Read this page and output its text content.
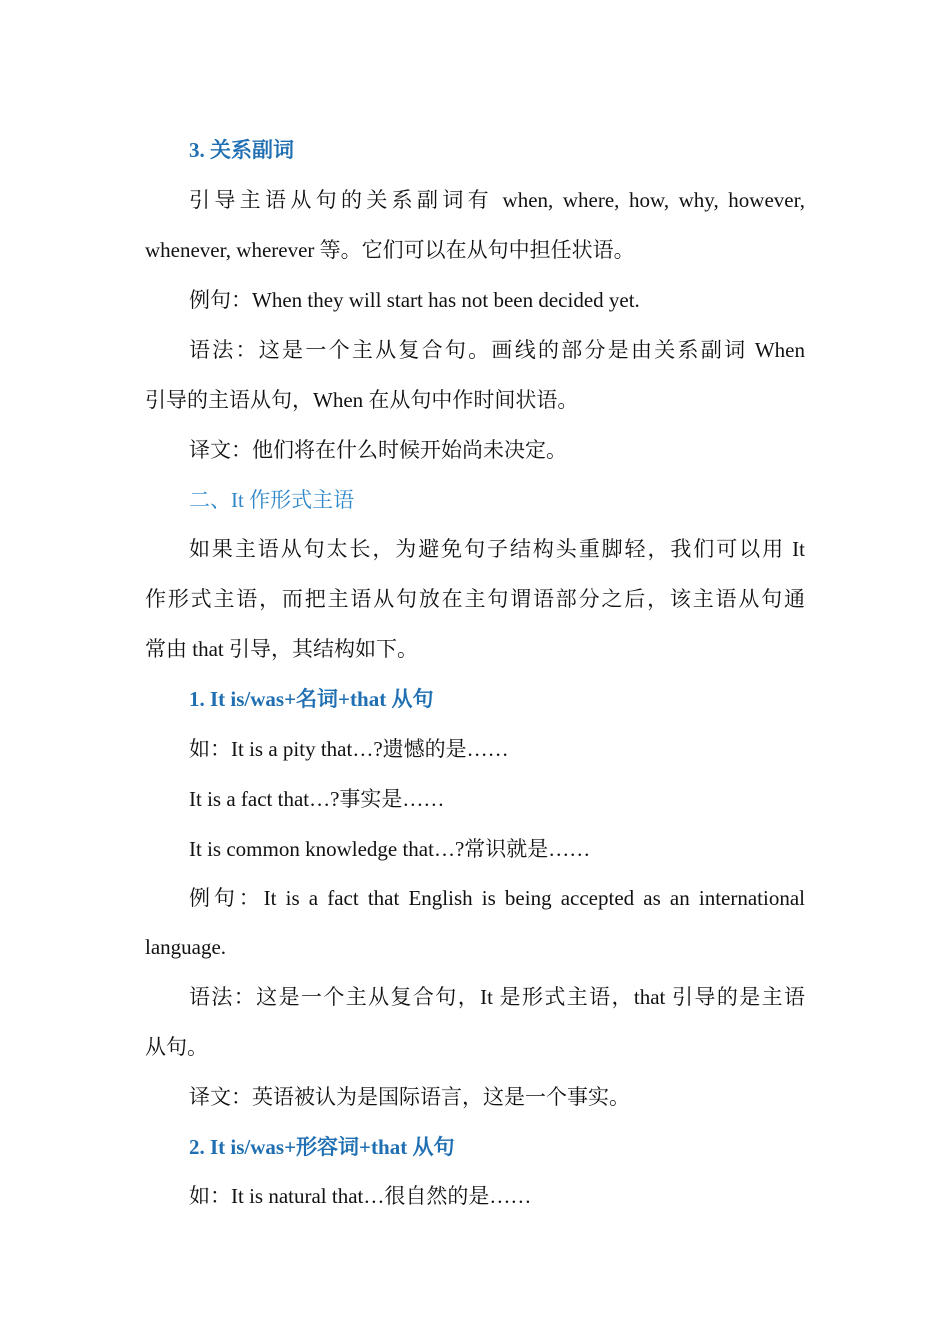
3. 关系副词
引导主语从句的关系副词有 when, where, how, why, however,
whenever, wherever 等。它们可以在从句中担任状语。
例句：When they will start has not been decided yet.
语法：这是一个主从复合句。画线的部分是由关系副词 When
引导的主语从句，When 在从句中作时间状语。
译文：他们将在什么时候开始尚未决定。
二、It 作形式主语
如果主语从句太长，为避免句子结构头重脚轻，我们可以用 It
作形式主语，而把主语从句放在主句谓语部分之后，该主语从句通
常由 that 引导，其结构如下。
1. It is/was+名词+that 从句
如：It is a pity that…?遗憾的是……
It is a fact that…?事实是……
It is common knowledge that…?常识就是……
例句：It is a fact that English is being accepted as an international
language.
语法：这是一个主从复合句，It 是形式主语，that 引导的是主语
从句。
译文：英语被认为是国际语言，这是一个事实。
2. It is/was+形容词+that 从句
如：It is natural that…很自然的是……
